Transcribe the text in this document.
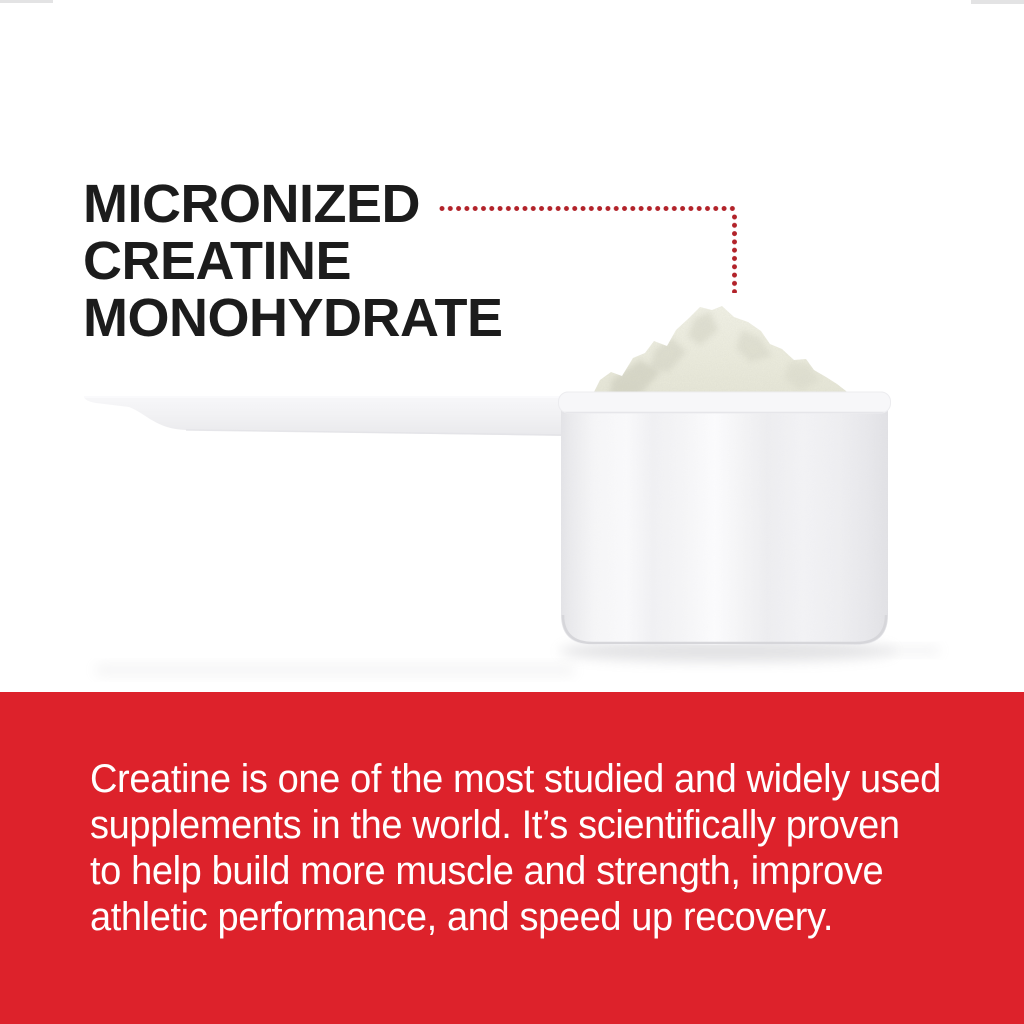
MICRONIZED
CREATINE
MONOHYDRATE
Creatine is one of the most studied and widely used
supplements in the world. It’s scientifically proven
to help build more muscle and strength, improve
athletic performance, and speed up recovery.
